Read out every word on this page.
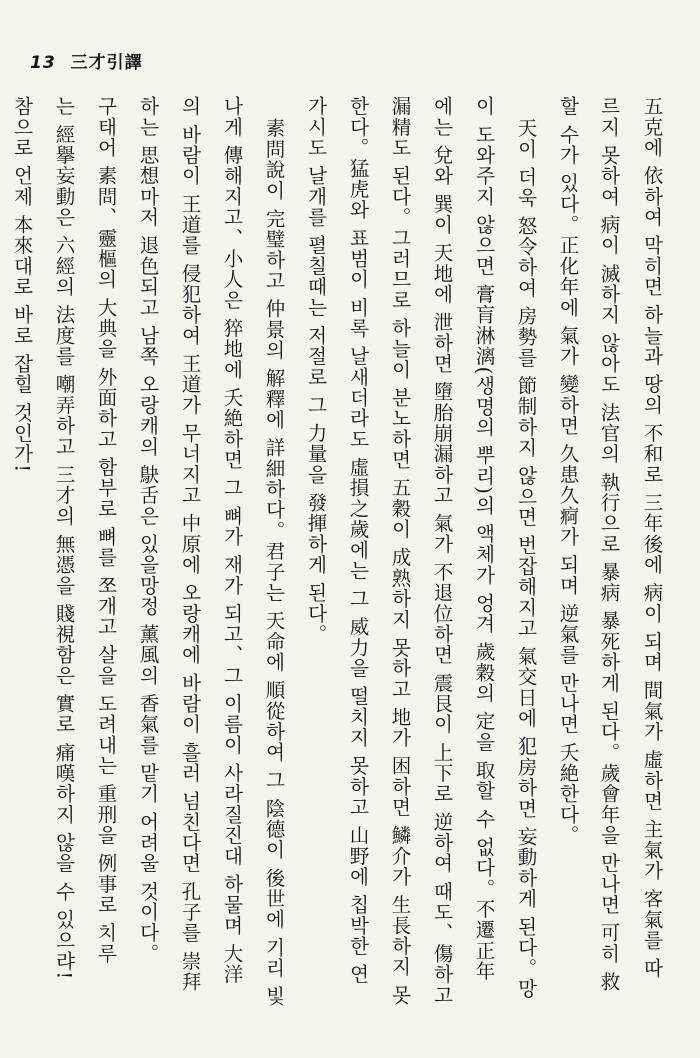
13 三才引譯
五克에 依하여 막히면 하늘과 땅의 不和로 三年後에 病이 되며 間氣가 虛하면 主氣가 客氣를 따
르지 못하여 病이 滅하지 않아도 法官의 執行으로 暴病 暴死하게 된다。歲會年을 만나면 可히 救
할 수가 있다。正化年에 氣가 變하면 久患久痾가 되며 逆氣를 만나면 夭絶한다。
天이 더욱 怒令하여 房勢를 節制하지 않으면 번잡해지고 氣交日에 犯房하면 妄動하게 된다。망
이 도와주지 않으면 膏肓淋漓(생명의 뿌리)의 액체가 엉겨 歲穀의 定을 取할 수 없다。不遷正年
에는 兌와 巽이 天地에 泄하면 墮胎崩漏하고 氣가 不退位하면 震艮이 上下로 逆하여 때도、傷하고
漏精도 된다。그러므로 하늘이 분노하면 五穀이 成熟하지 못하고 地가 困하면 鱗介가 生長하지 못
한다。猛虎와 표범이 비록 날새더라도 虛損之歲에는 그 威力을 떨치지 못하고 山野에 칩박한 연
가시도 날개를 펼칠때는 저절로 그 力量을 發揮하게 된다。
素問說이 完璧하고 仲景의 解釋에 詳細하다。君子는 天命에 順從하여 그 陰德이 後世에 기리 빛
나게 傳해지고、小人은 猝地에 夭絶하면 그 뼈가 재가 되고、그 이름이 사라질진대 하물며 大洋
의 바람이 王道를 侵犯하여 王道가 무너지고 中原에 오랑캐에 바람이 흘러 넘친다면 孔子를 崇拜
하는 思想마저 退色되고 남쪽 오랑캐의 鴃舌은 있을망정 薰風의 香氣를 맡기 어려울 것이다。
구태어 素問、靈樞의 大典을 外面하고 함부로 뼈를 쪼개고 살을 도려내는 重刑을 例事로 치루
는 經擧妄動은 六經의 法度를 嘲弄하고 三才의 無憑을 賤視함은 實로 痛嘆하지 않을 수 있으랴!
참으로 언제 本來대로 바로 잡힐 것인가!
